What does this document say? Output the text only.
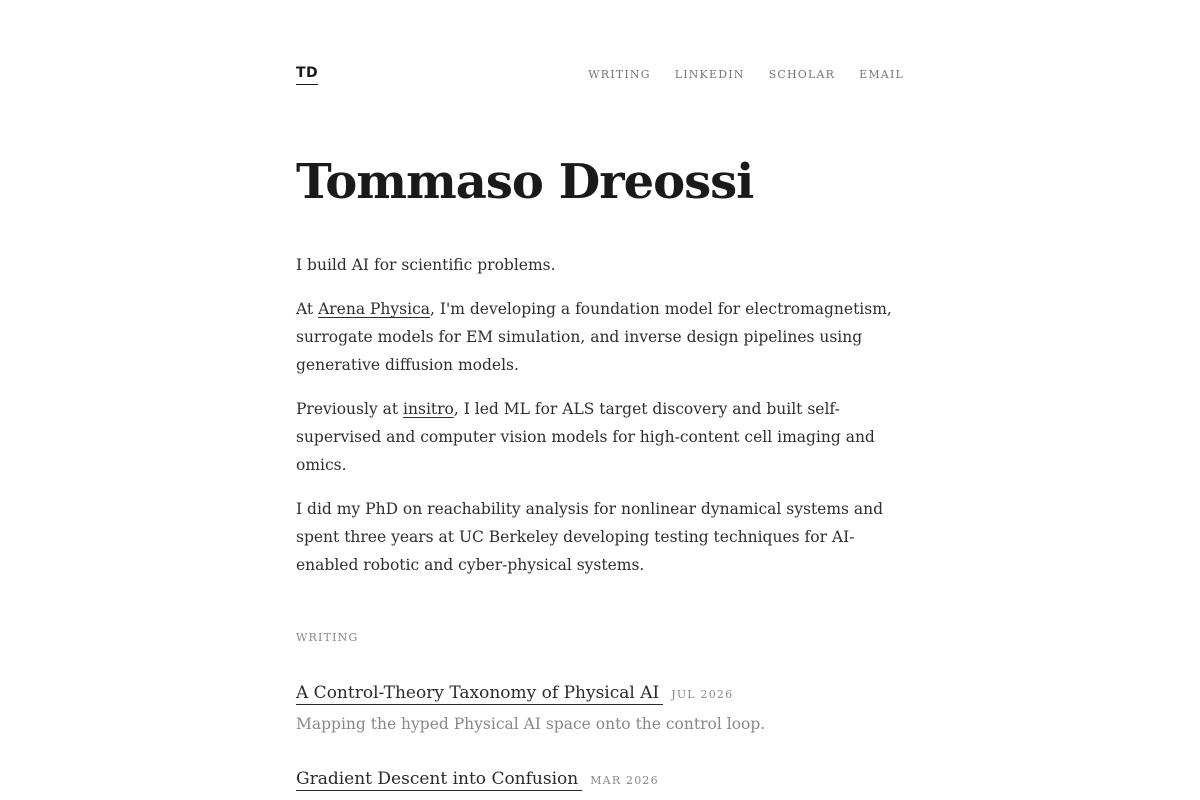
TD	WRITING LINKEDIN SCHOLAR EMAIL
Tommaso Dreossi

I build AI for scientific problems.

At Arena Physica, I'm developing a foundation model for electromagnetism, surrogate models for EM simulation, and inverse design pipelines using generative diffusion models.

Previously at insitro, I led ML for ALS target discovery and built self-supervised and computer vision models for high-content cell imaging and omics.

I did my PhD on reachability analysis for nonlinear dynamical systems and spent three years at UC Berkeley developing testing techniques for AI-enabled robotic and cyber-physical systems.

WRITING
A Control-Theory Taxonomy of Physical AI	JUL 2026
Mapping the hyped Physical AI space onto the control loop.
Gradient Descent into Confusion	MAR 2026
